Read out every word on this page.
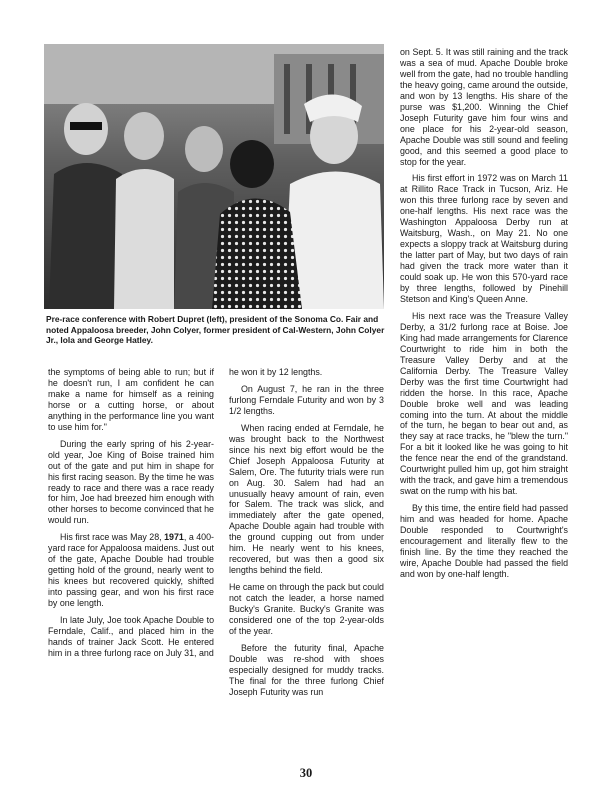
Pre-race conference with Robert Dupret (left), president of the Sonoma Co. Fair and noted Appaloosa breeder, John Colyer, former president of Cal-Western, John Colyer Jr., Iola and George Hatley.

the symptoms of being able to run; but if he doesn't run, I am confident he can make a name for himself as a reining horse or a cutting horse, or about anything in the performance line you want to use him for."

During the early spring of his 2-year-old year, Joe King of Boise trained him out of the gate and put him in shape for his first racing season. By the time he was ready to race and there was a race ready for him, Joe had breezed him enough with other horses to become convinced that he would run.

His first race was May 28, 1971, a 400-yard race for Appaloosa maidens. Just out of the gate, Apache Double had trouble getting hold of the ground, nearly went to his knees but recovered quickly, shifted into passing gear, and won his first race by one length.

In late July, Joe took Apache Double to Ferndale, Calif., and placed him in the hands of trainer Jack Scott. He entered him in a three furlong race on July 31, and

he won it by 12 lengths.

On August 7, he ran in the three furlong Ferndale Futurity and won by 3 1/2 lengths.

When racing ended at Ferndale, he was brought back to the Northwest since his next big effort would be the Chief Joseph Appaloosa Futurity at Salem, Ore. The futurity trials were run on Aug. 30. Salem had had an unusually heavy amount of rain, even for Salem. The track was slick, and immediately after the gate opened, Apache Double again had trouble with the ground cupping out from under him. He nearly went to his knees, recovered, but was then a good six lengths behind the field.

He came on through the pack but could not catch the leader, a horse named Bucky's Granite. Bucky's Granite was considered one of the top 2-year-olds of the year.

Before the futurity final, Apache Double was re-shod with shoes especially designed for muddy tracks. The final for the three furlong Chief Joseph Futurity was run

on Sept. 5. It was still raining and the track was a sea of mud. Apache Double broke well from the gate, had no trouble handling the heavy going, came around the outside, and won by 13 lengths. His share of the purse was $1,200. Winning the Chief Joseph Futurity gave him four wins and one place for his 2-year-old season, Apache Double was still sound and feeling good, and this seemed a good place to stop for the year.

His first effort in 1972 was on March 11 at Rillito Race Track in Tucson, Ariz. He won this three furlong race by seven and one-half lengths. His next race was the Washington Appaloosa Derby run at Waitsburg, Wash., on May 21. No one expects a sloppy track at Waitsburg during the latter part of May, but two days of rain had given the track more water than it could soak up. He won this 570-yard race by three lengths, followed by Pinehill Stetson and King's Queen Anne.

His next race was the Treasure Valley Derby, a 31/2 furlong race at Boise. Joe King had made arrangements for Clarence Courtwright to ride him in both the Treasure Valley Derby and at the California Derby. The Treasure Valley Derby was the first time Courtwright had ridden the horse. In this race, Apache Double broke well and was leading coming into the turn. At about the middle of the turn, he began to bear out and, as they say at race tracks, he "blew the turn." For a bit it looked like he was going to hit the fence near the end of the grandstand. Courtwright pulled him up, got him straight with the track, and gave him a tremendous swat on the rump with his bat.

By this time, the entire field had passed him and was headed for home. Apache Double responded to Courtwright's encouragement and literally flew to the finish line. By the time they reached the wire, Apache Double had passed the field and won by one-half length.

30
